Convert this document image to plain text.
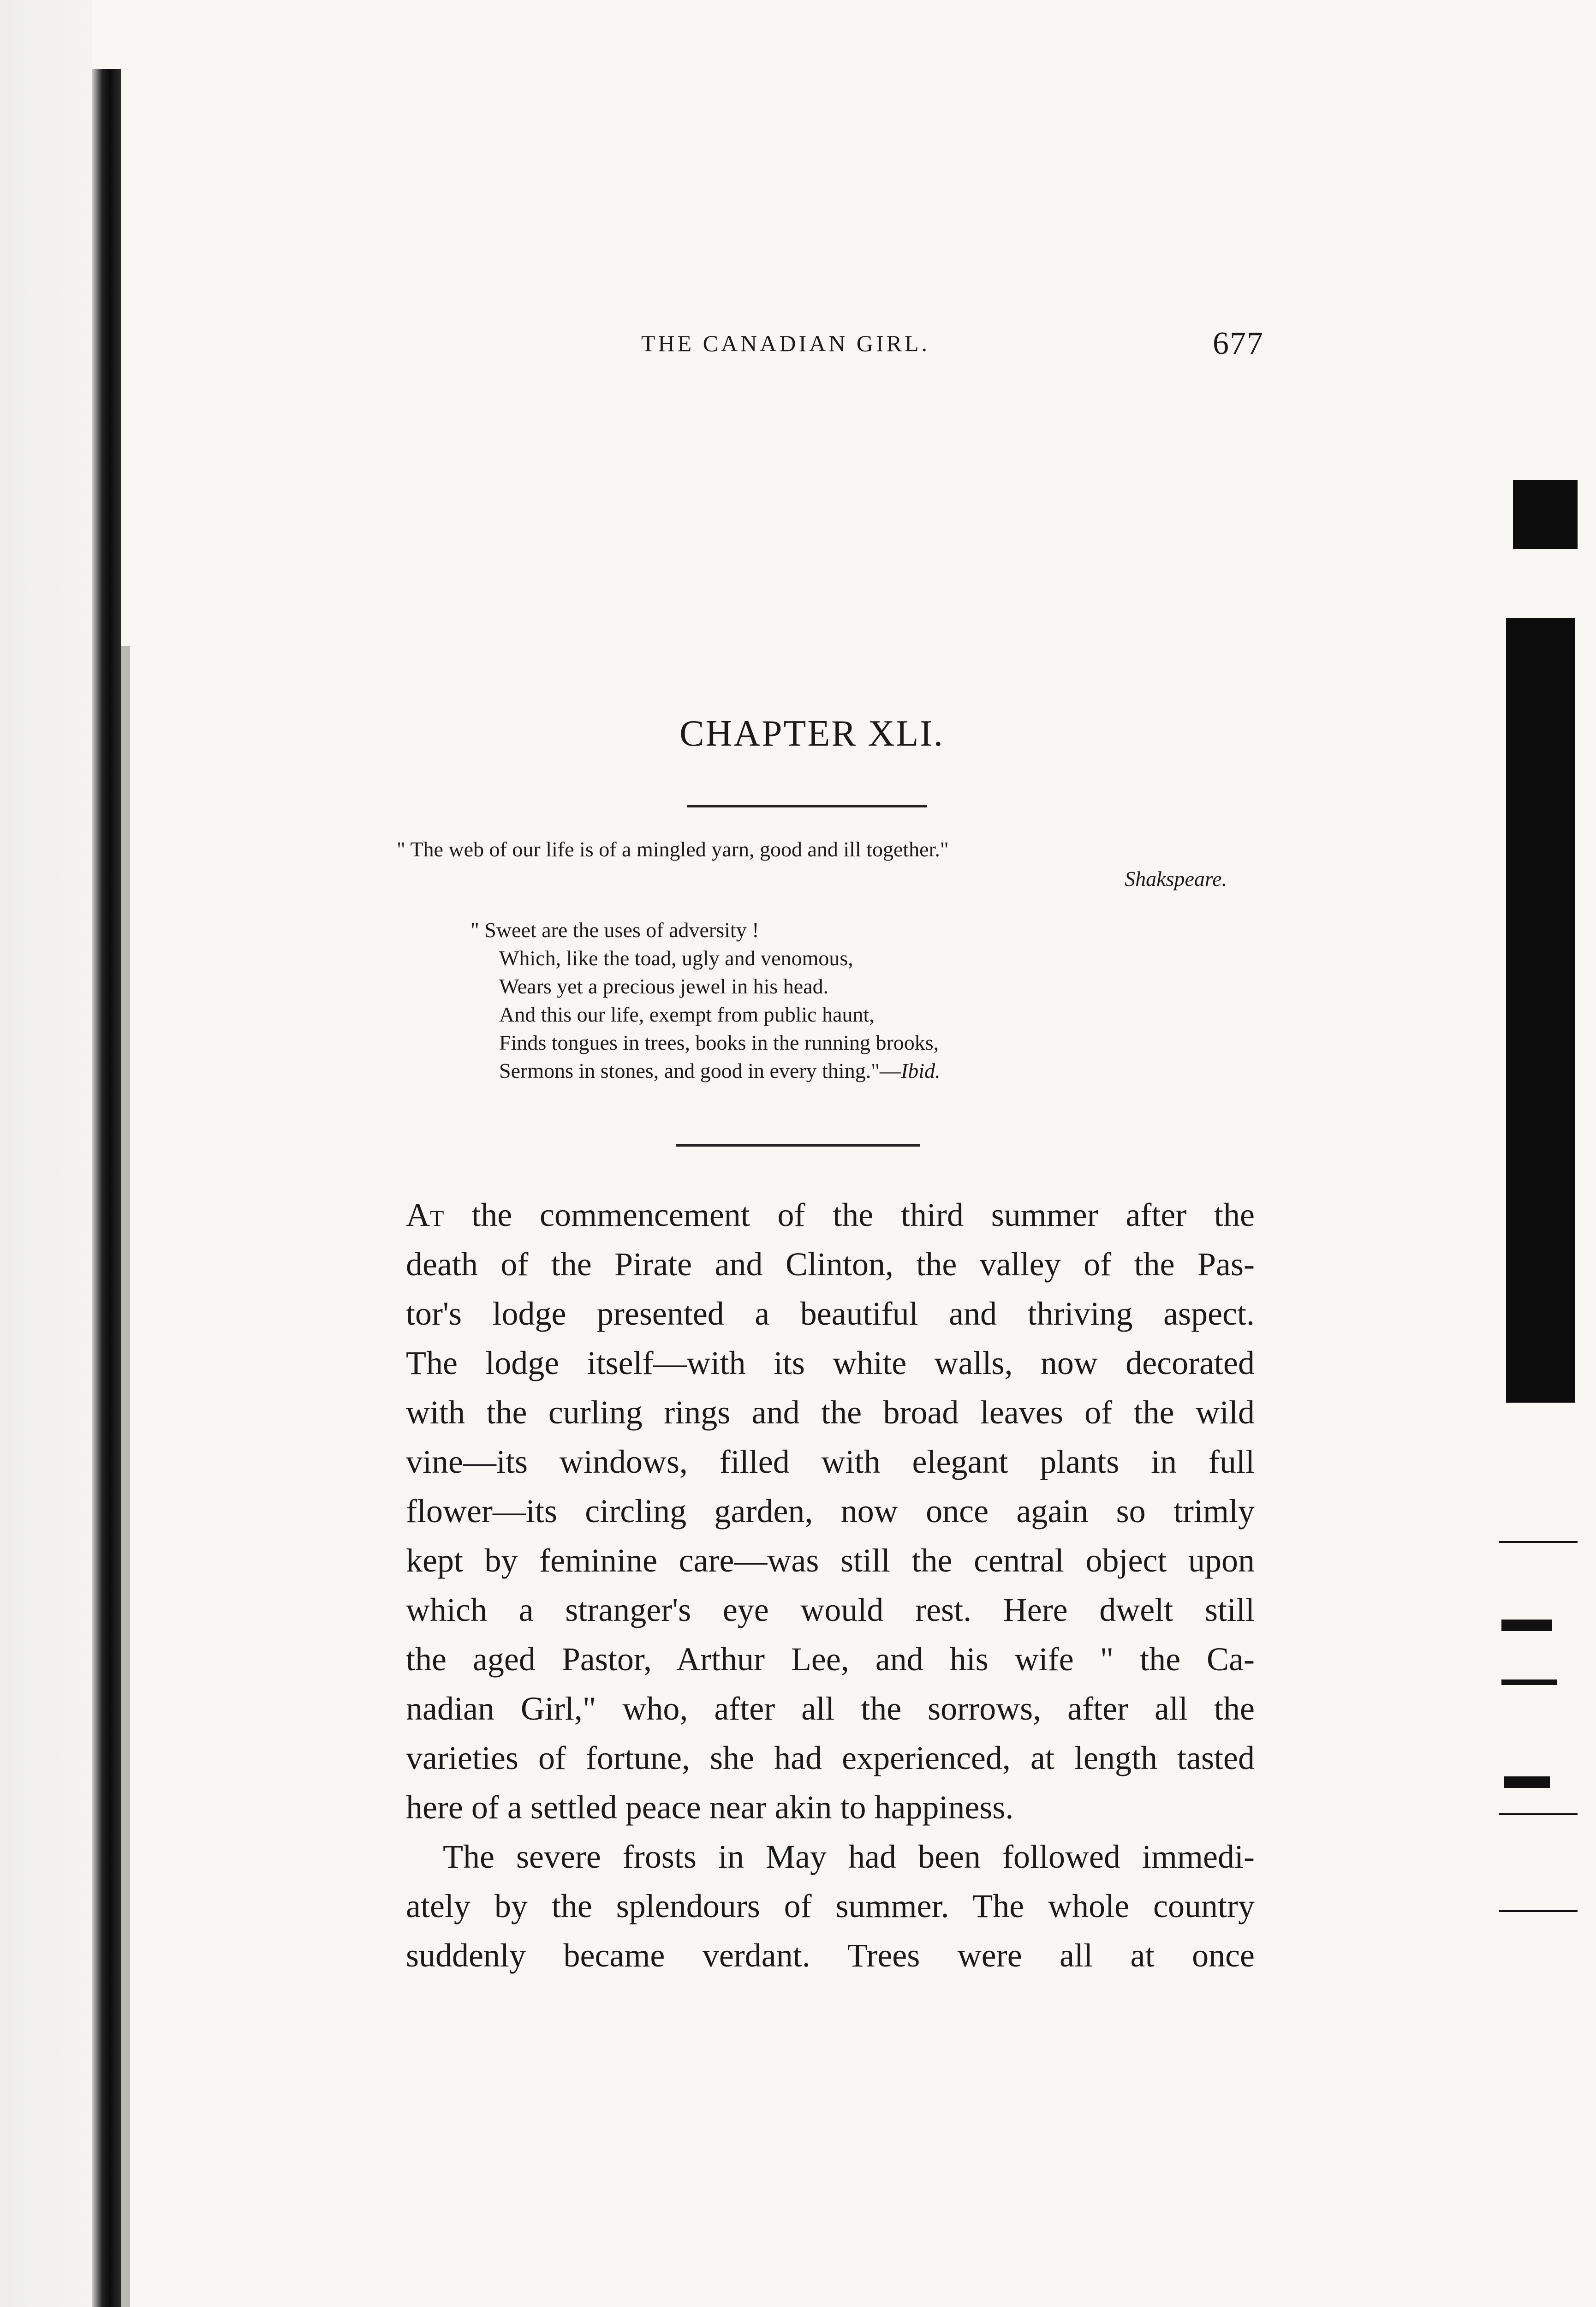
THE CANADIAN GIRL.	677
CHAPTER XLI.
" The web of our life is of a mingled yarn, good and ill together."
Shakspeare.
" Sweet are the uses of adversity !
Which, like the toad, ugly and venomous,
Wears yet a precious jewel in his head.
And this our life, exempt from public haunt,
Finds tongues in trees, books in the running brooks,
Sermons in stones, and good in every thing."—Ibid.
At the commencement of the third summer after the
death of the Pirate and Clinton, the valley of the Pas-
tor's lodge presented a beautiful and thriving aspect.
The lodge itself—with its white walls, now decorated
with the curling rings and the broad leaves of the wild
vine—its windows, filled with elegant plants in full
flower—its circling garden, now once again so trimly
kept by feminine care—was still the central object upon
which a stranger's eye would rest. Here dwelt still
the aged Pastor, Arthur Lee, and his wife " the Ca-
nadian Girl," who, after all the sorrows, after all the
varieties of fortune, she had experienced, at length tasted
here of a settled peace near akin to happiness.
The severe frosts in May had been followed immedi-
ately by the splendours of summer. The whole country
suddenly became verdant. Trees were all at once
